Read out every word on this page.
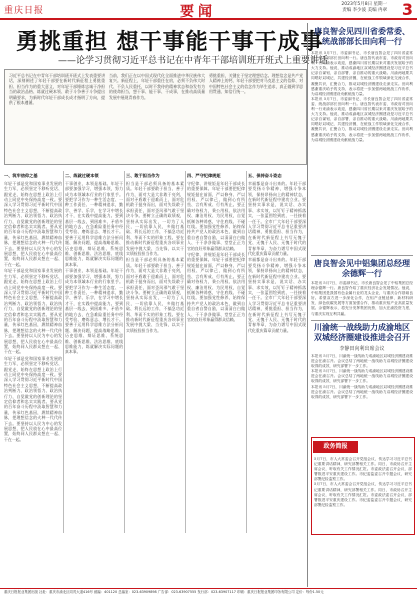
重庆日报	要闻	2023年5月8日 星期一
责编 李少波 美编 冉翠 3
勇挑重担 想干事能干事干成事
——论学习贯彻习近平总书记在中青年干部培训班开班式上重要讲话
习近平总书记在中青年干部培训班开班式上发表重要讲话，深刻阐述了年轻干部要在新时代新征程上勇挑重担、担当作为的重大意义，对年轻干部锤炼忠诚干净担当的政治品格、练就过硬本领、敢于斗争善于斗争提出明确要求，为新时代年轻干部成长成才指明了方向，提供了根本遵循。
当前，我们正在以中国式现代化全面推进中华民族伟大复兴。新征程上，年轻干部重任在肩，必须不负伟大时代、不负人民重托，以时不我待的精神状态和奋发有为的使命担当，想干事、能干事、干成事，在推动高质量发展中展现青春作为。
勇挑重担，关键在于坚定理想信念。理想信念是共产党人精神上的钙，年轻干部要把对马克思主义的信仰、对中国特色社会主义的信念作为毕生追求，真正做到学思用贯通、知信行统一。
一、筑牢信仰之基

年轻干部是党和国家事业发展的生力军，必须坚定不移听党话、跟党走，始终在思想上政治上行动上同党中央保持高度一致。要深入学习贯彻习近平新时代中国特色社会主义思想，不断提高政治判断力、政治领悟力、政治执行力，自觉做党的创新理论的坚定信仰者和忠实实践者。要从党的百年奋斗历程中汲取智慧和力量，传承红色基因，赓续精神血脉，把理想信念的火种一代代传下去。要坚持以人民为中心的发展思想，把人民放在心中最高位置，始终同人民群众想在一起、干在一起。

年轻干部是党和国家事业发展的生力军，必须坚定不移听党话、跟党走，始终在思想上政治上行动上同党中央保持高度一致。要深入学习贯彻习近平新时代中国特色社会主义思想，不断提高政治判断力、政治领悟力、政治执行力，自觉做党的创新理论的坚定信仰者和忠实实践者。要从党的百年奋斗历程中汲取智慧和力量，传承红色基因，赓续精神血脉，把理想信念的火种一代代传下去。要坚持以人民为中心的发展思想，把人民放在心中最高位置，始终同人民群众想在一起、干在一起。

年轻干部是党和国家事业发展的生力军，必须坚定不移听党话、跟党走，始终在思想上政治上行动上同党中央保持高度一致。要深入学习贯彻习近平新时代中国特色社会主义思想，不断提高政治判断力、政治领悟力、政治执行力，自觉做党的创新理论的坚定信仰者和忠实实践者。要从党的百年奋斗历程中汲取智慧和力量，传承红色基因，赓续精神血脉，把理想信念的火种一代代传下去。要坚持以人民为中心的发展思想，把人民放在心中最高位置，始终同人民群众想在一起、干在一起。

二、练就过硬本领

干事创业，本领是基础。年轻干部要加强学习，增强本领，努力成为本领域本行业的行家里手。要把学习作为一种生活态度、一种工作责任、一种精神追求，勤学、善学、乐学，在学习中增长才干，在实践中提高能力。要到基层一线去，到困难多、矛盾多的地方去，在急难险重任务中经受考验、磨炼意志、增长才干。要善于运用科学思维方法分析问题、解决问题，提高战略思维、历史思维、辩证思维、系统思维、创新思维、法治思维、底线思维能力，练就解决实际问题的真本事。

干事创业，本领是基础。年轻干部要加强学习，增强本领，努力成为本领域本行业的行家里手。要把学习作为一种生活态度、一种工作责任、一种精神追求，勤学、善学、乐学，在学习中增长才干，在实践中提高能力。要到基层一线去，到困难多、矛盾多的地方去，在急难险重任务中经受考验、磨炼意志、增长才干。要善于运用科学思维方法分析问题、解决问题，提高战略思维、历史思维、辩证思维、系统思维、创新思维、法治思维、底线思维能力，练就解决实际问题的真本事。

三、敢于担当作为

担当是干部必须具备的基本素质。年轻干部要敢于担当、善于作为，面对大是大非敢于亮剑，面对矛盾敢于迎难而上，面对危机敢于挺身而出，面对失误敢于承担责任，面对歪风邪气敢于坚决斗争。要树立正确的政绩观，坚持从实际出发，一切为了人民，一切依靠人民，多做打基础、利长远的工作，不搞急功近利、华而不实的形象工程。要在推动新时代新征程重庆各项事业发展中挑大梁、当先锋，以实干实绩检验担当作为。

担当是干部必须具备的基本素质。年轻干部要敢于担当、善于作为，面对大是大非敢于亮剑，面对矛盾敢于迎难而上，面对危机敢于挺身而出，面对失误敢于承担责任，面对歪风邪气敢于坚决斗争。要树立正确的政绩观，坚持从实际出发，一切为了人民，一切依靠人民，多做打基础、利长远的工作，不搞急功近利、华而不实的形象工程。要在推动新时代新征程重庆各项事业发展中挑大梁、当先锋，以实干实绩检验担当作为。

四、严守纪律规矩

守纪律、讲规矩是年轻干部成长的重要保障。年轻干部要把纪律规矩挺在前面，严以修身、严以用权、严以律己，做到心有所畏、言有所戒、行有所止。要正确对待权力，秉公用权、依法用权、廉洁用权、为民用权，自觉抵制各种诱惑，守住底线、不碰红线。要加强党性修养，始终保持共产党人的政治本色，做到自重自省自警自励，以清清白白做人、干干净净做事、堂堂正正为官的良好形象赢得群众信赖。

守纪律、讲规矩是年轻干部成长的重要保障。年轻干部要把纪律规矩挺在前面，严以修身、严以用权、严以律己，做到心有所畏、言有所戒、行有所止。要正确对待权力，秉公用权、依法用权、廉洁用权、为民用权，自觉抵制各种诱惑，守住底线、不碰红线。要加强党性修养，始终保持共产党人的政治本色，做到自重自省自警自励，以清清白白做人、干干净净做事、堂堂正正为官的良好形象赢得群众信赖。

五、保持奋斗姿态

幸福都是奋斗出来的。年轻干部要发扬斗争精神，增强斗争本领，保持昂扬向上的精神状态，在新时代新征程中建功立业。要坚持实事求是，说实话、办实事、求实效，以钉钉子精神抓落实，一张蓝图绘到底，一任接着一任干。全市广大年轻干部要深入学习贯彻习近平总书记重要讲话精神，勇挑重担、担当作为，在新时代新征程上书写无愧于党、无愧于人民、无愧于时代的青春华章，为奋力谱写中国式现代化重庆篇章贡献力量。

幸福都是奋斗出来的。年轻干部要发扬斗争精神，增强斗争本领，保持昂扬向上的精神状态，在新时代新征程中建功立业。要坚持实事求是，说实话、办实事、求实效，以钉钉子精神抓落实，一张蓝图绘到底，一任接着一任干。全市广大年轻干部要深入学习贯彻习近平总书记重要讲话精神，勇挑重担、担当作为，在新时代新征程上书写无愧于党、无愧于人民、无愧于时代的青春华章，为奋力谱写中国式现代化重庆篇章贡献力量。

唐良智会见四川省委常委、统战部部长田向利一行

本报讯 5月7日，市委副书记、市长唐良智会见了四川省委常委、统战部部长田向利一行。唐良智代表市委、市政府对田向利一行来渝表示欢迎，感谢四川省长期以来对重庆发展给予的大力支持。他说，推动成渝地区双城经济圈建设是习近平总书记亲自谋划、亲自部署、亲自推动的重大战略。川渝两地要共同唱好双城记、共建经济圈，在统战工作领域深化交流合作，凝聚共识，汇聚合力，推动双城经济圈建设走深走实。田向利感谢重庆给予的支持，表示将进一步加强两地统战工作协作，为双城经济圈建设贡献统战力量。

本报讯 5月7日，市委副书记、市长唐良智会见了四川省委常委、统战部部长田向利一行。唐良智代表市委、市政府对田向利一行来渝表示欢迎，感谢四川省长期以来对重庆发展给予的大力支持。他说，推动成渝地区双城经济圈建设是习近平总书记亲自谋划、亲自部署、亲自推动的重大战略。川渝两地要共同唱好双城记、共建经济圈，在统战工作领域深化交流合作，凝聚共识，汇聚合力，推动双城经济圈建设走深走实。田向利感谢重庆给予的支持，表示将进一步加强两地统战工作协作，为双城经济圈建设贡献统战力量。

唐良智会见中铝集团总经理余德辉一行

本报讯 5月7日，市委副书记、市长唐良智会见了中铝集团总经理余德辉一行。唐良智介绍了重庆经济社会发展情况。他说，中铝集团是我国有色金属行业的龙头企业，与重庆合作基础良好。希望双方进一步深化合作，在铝产业链延伸、新材料研发、绿色低碳发展等方面加强合作，推动重庆铝产业高质量发展。余德辉表示，将充分发挥集团优势，加大在渝投资力度，与重庆实现互利共赢。

川渝统一战线助力成渝地区双城经济圈建设推进会召开
李静田向利出席会议

本报讯 5月7日，川渝统一战线助力成渝地区双城经济圈建设推进会在渝召开。会议总结了两地统一战线助力双城经济圈建设取得的成效，研究部署下一步工作。

本报讯 5月7日，川渝统一战线助力成渝地区双城经济圈建设推进会在渝召开。会议总结了两地统一战线助力双城经济圈建设取得的成效，研究部署下一步工作。

本报讯 5月7日，川渝统一战线助力成渝地区双城经济圈建设推进会在渝召开。会议总结了两地统一战线助力双城经济圈建设取得的成效，研究部署下一步工作。

政务简报

5月7日，市人大常委会召开党组会议，传达学习习近平总书记重要讲话精神，研究部署相关工作。同日，市政协召开主席会议，听取有关工作情况汇报。市委政法委召开会议，部署推进平安重庆建设工作。市纪委监委召开专题会议，研究部署纪检监察工作。

5月7日，市人大常委会召开党组会议，传达学习习近平总书记重要讲话精神，研究部署相关工作。同日，市政协召开主席会议，听取有关工作情况汇报。市委政法委召开会议，部署推进平安重庆建设工作。市纪委监委召开专题会议，研究部署纪检监察工作。

重庆日报报业集团出版 社址：重庆市渝北区同茂大道416号 邮编：401120 总编室：023-63909898 广告部：023-63907555 发行部：023-63907117 印刷：重庆日报报业集团印务有限公司 定价：每份1.50元
